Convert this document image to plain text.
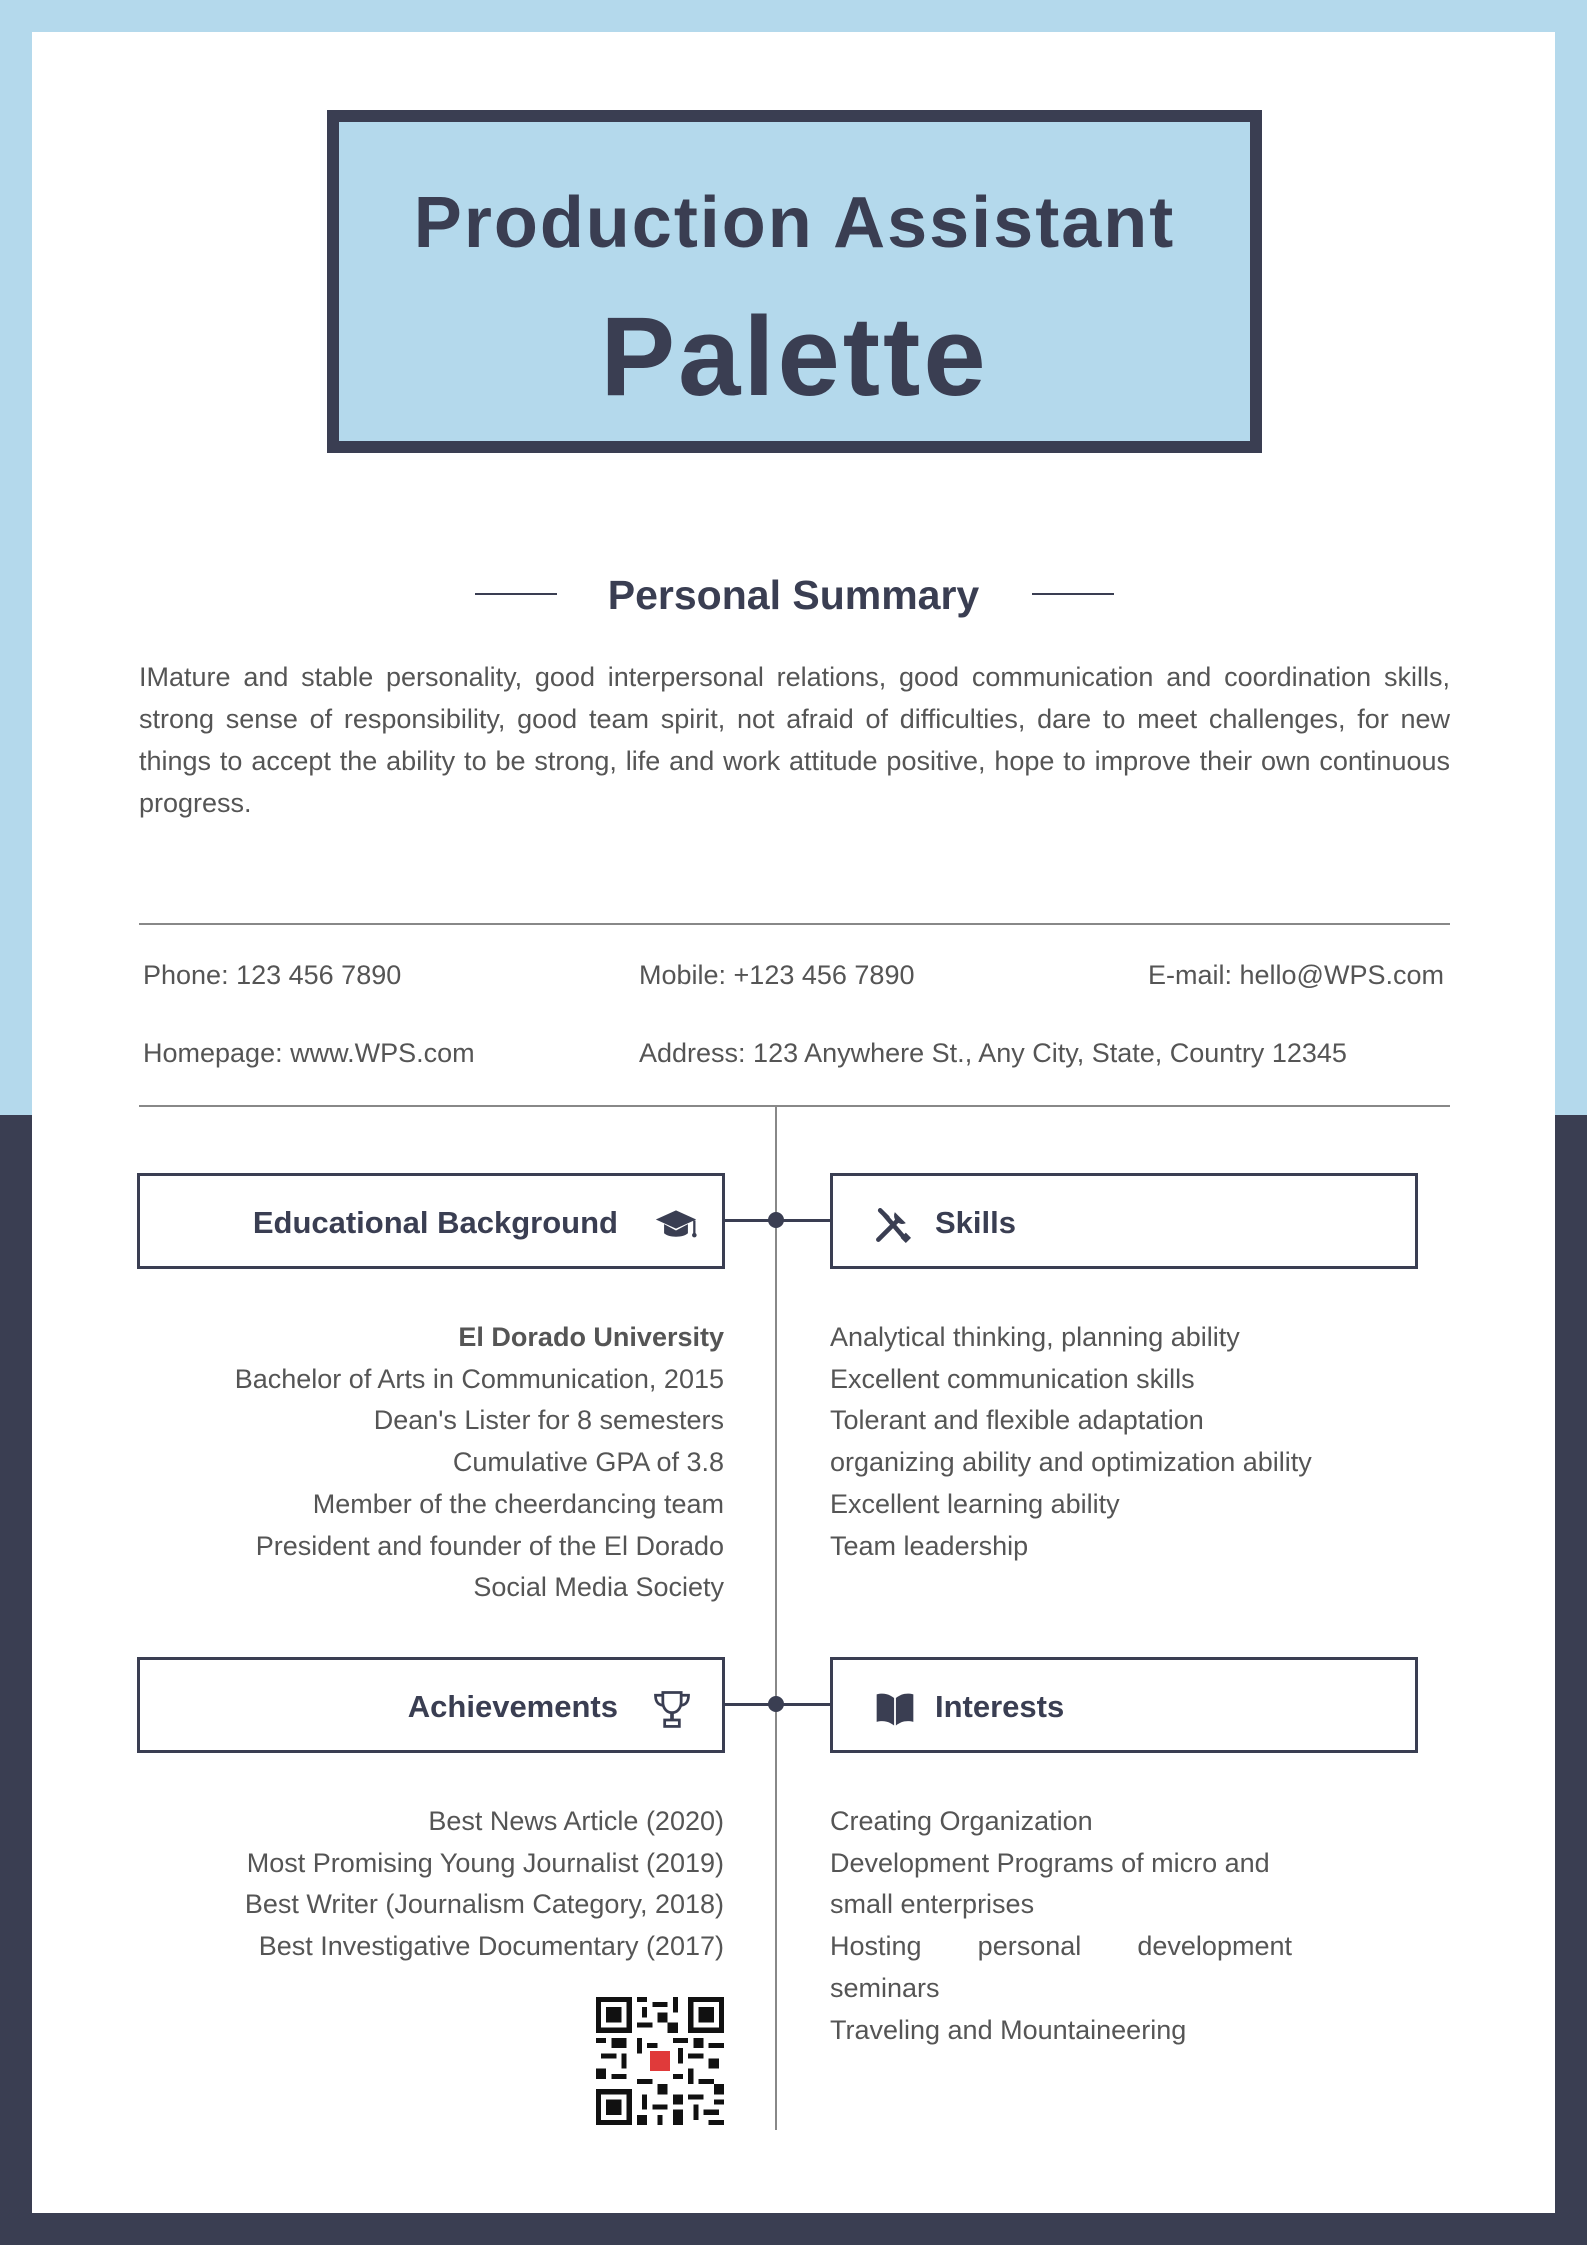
Production Assistant
Palette
Personal Summary
IMature and stable personality, good interpersonal relations, good communication and coordination skills, strong sense of responsibility, good team spirit, not afraid of difficulties, dare to meet challenges, for new things to accept the ability to be strong, life and work attitude positive, hope to improve their own continuous progress.
Phone: 123 456 7890	Mobile: +123 456 7890	E-mail: hello@WPS.com
Homepage: www.WPS.com	Address: 123 Anywhere St., Any City, State, Country 12345
Educational Background	Skills
El Dorado University
Bachelor of Arts in Communication, 2015
Dean's Lister for 8 semesters
Cumulative GPA of 3.8
Member of the cheerdancing team
President and founder of the El Dorado
Social Media Society
Analytical thinking, planning ability
Excellent communication skills
Tolerant and flexible adaptation
organizing ability and optimization ability
Excellent learning ability
Team leadership
Achievements	Interests
Best News Article (2020)
Most Promising Young Journalist (2019)
Best Writer (Journalism Category, 2018)
Best Investigative Documentary (2017)
Creating Organization
Development Programs of micro and
small enterprises
Hosting personal development
seminars
Traveling and Mountaineering
